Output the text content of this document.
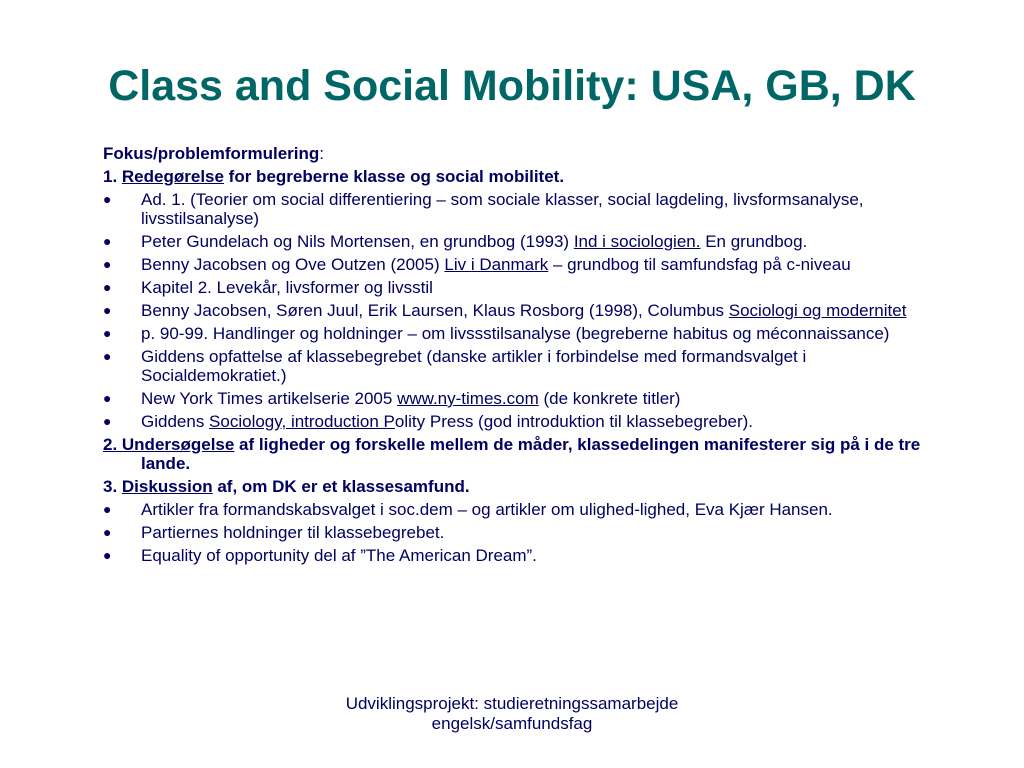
Class and Social Mobility: USA, GB, DK
Fokus/problemformulering:
1. Redegørelse for begreberne klasse og social mobilitet.
●	Ad. 1. (Teorier om social differentiering – som sociale klasser, social lagdeling, livsformsanalyse, livsstilsanalyse)
●	Peter Gundelach og Nils Mortensen, en grundbog (1993) Ind i sociologien. En grundbog.
●	Benny Jacobsen og Ove Outzen (2005) Liv i Danmark – grundbog til samfundsfag på c-niveau
●	Kapitel 2. Levekår, livsformer og livsstil
●	Benny Jacobsen, Søren Juul, Erik Laursen, Klaus Rosborg (1998), Columbus Sociologi og modernitet
●	p. 90-99. Handlinger og holdninger – om livssstilsanalyse (begreberne habitus og méconnaissance)
●	Giddens opfattelse af klassebegrebet (danske artikler i forbindelse med formandsvalget i Socialdemokratiet.)
●	New York Times artikelserie 2005 www.ny-times.com (de konkrete titler)
●	Giddens Sociology, introduction Polity Press (god introduktion til klassebegreber).
2. Undersøgelse af ligheder og forskelle mellem de måder, klassedelingen manifesterer sig på i de tre lande.
3. Diskussion af, om DK er et klassesamfund.
●	Artikler fra formandskabsvalget i soc.dem – og artikler om ulighed-lighed, Eva Kjær Hansen.
●	Partiernes holdninger til klassebegrebet.
●	Equality of opportunity del af ”The American Dream”.
Udviklingsprojekt: studieretningssamarbejde
engelsk/samfundsfag
